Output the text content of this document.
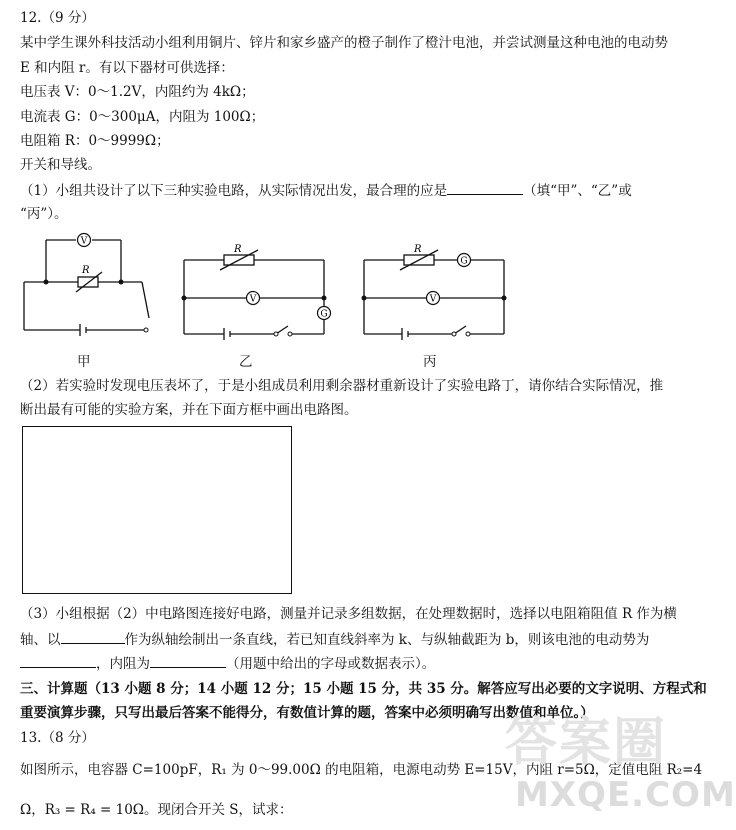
12.（9 分）
某中学生课外科技活动小组利用铜片、锌片和家乡盛产的橙子制作了橙汁电池，并尝试测量这种电池的电动势
E 和内阻 r。有以下器材可供选择：
电压表 V：0～1.2V，内阻约为 4kΩ；
电流表 G：0～300μA，内阻为 100Ω；
电阻箱 R：0～9999Ω；
开关和导线。
（1）小组共设计了以下三种实验电路，从实际情况出发，最合理的应是	（填“甲”、“乙”或
“丙”）。
V
R
R
V
G
R
G
V
甲	乙	丙
（2）若实验时发现电压表坏了，于是小组成员利用剩余器材重新设计了实验电路丁，请你结合实际情况，推
断出最有可能的实验方案，并在下面方框中画出电路图。
（3）小组根据（2）中电路图连接好电路，测量并记录多组数据，在处理数据时，选择以电阻箱阻值 R 作为横
轴、以	作为纵轴绘制出一条直线，若已知直线斜率为 k、与纵轴截距为 b，则该电池的电动势为
，内阻为	（用题中给出的字母或数据表示）。
三、计算题（13 小题 8 分；14 小题 12 分；15 小题 15 分，共 35 分。解答应写出必要的文字说明、方程式和
重要演算步骤，只写出最后答案不能得分，有数值计算的题，答案中必须明确写出数值和单位。）
13.（8 分）
如图所示，电容器 C=100pF，R₁ 为 0～99.00Ω 的电阻箱，电源电动势 E=15V，内阻 r=5Ω，定值电阻 R₂=4
Ω，R₃ = R₄ = 10Ω。现闭合开关 S，试求：
答案圈
MXQE.COM
